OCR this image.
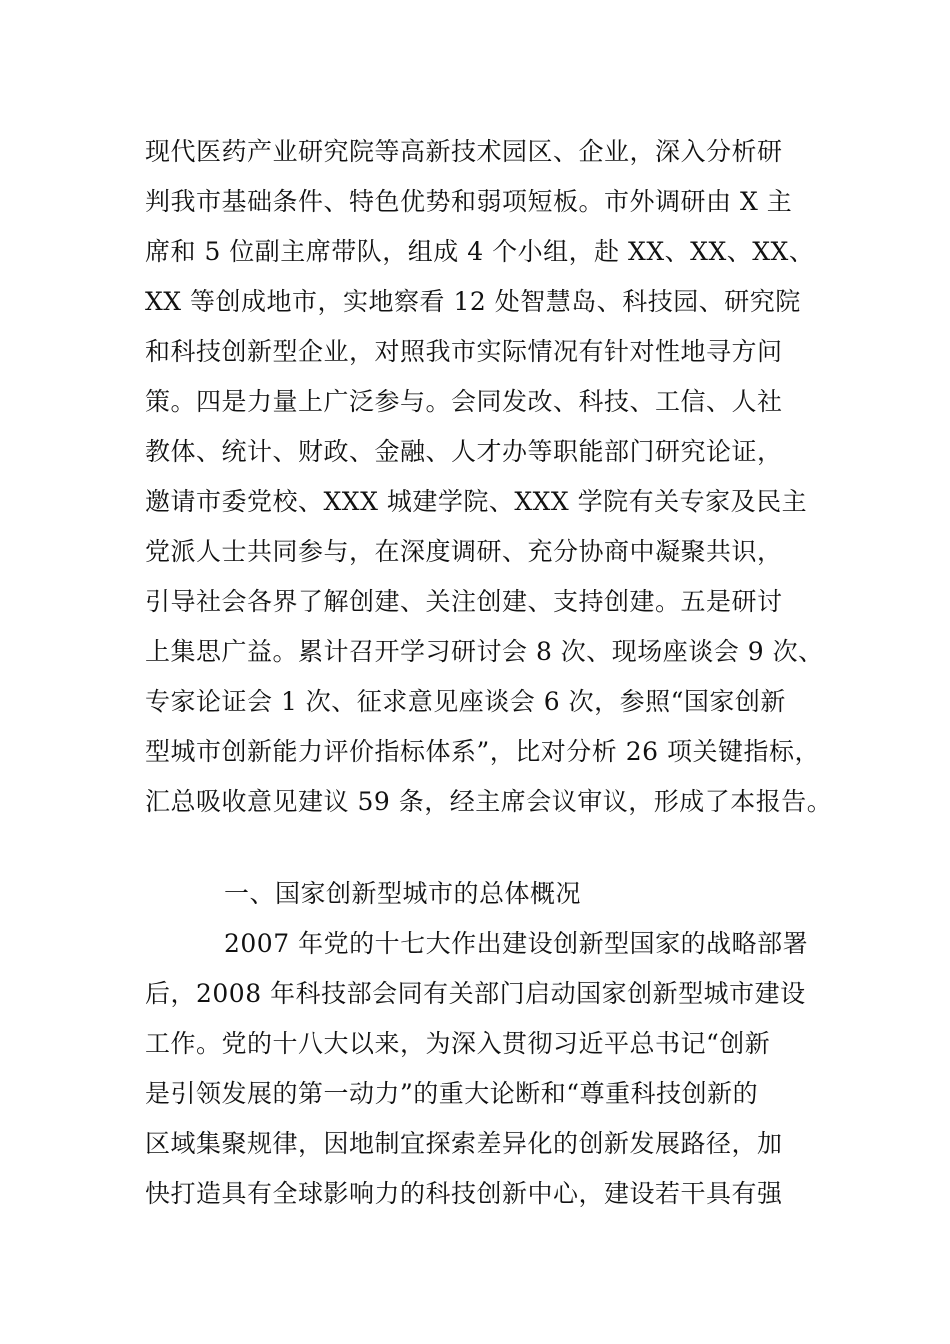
现代医药产业研究院等高新技术园区、企业，深入分析研
判我市基础条件、特色优势和弱项短板。市外调研由 X 主
席和 5 位副主席带队，组成 4 个小组，赴 XX、XX、XX、
XX 等创成地市，实地察看 12 处智慧岛、科技园、研究院
和科技创新型企业，对照我市实际情况有针对性地寻方问
策。四是力量上广泛参与。会同发改、科技、工信、人社
教体、统计、财政、金融、人才办等职能部门研究论证，
邀请市委党校、XXX 城建学院、XXX 学院有关专家及民主
党派人士共同参与，在深度调研、充分协商中凝聚共识，
引导社会各界了解创建、关注创建、支持创建。五是研讨
上集思广益。累计召开学习研讨会 8 次、现场座谈会 9 次、
专家论证会 1 次、征求意见座谈会 6 次，参照“国家创新
型城市创新能力评价指标体系”，比对分析 26 项关键指标，
汇总吸收意见建议 59 条，经主席会议审议，形成了本报告。
一、国家创新型城市的总体概况
2007 年党的十七大作出建设创新型国家的战略部署
后，2008 年科技部会同有关部门启动国家创新型城市建设
工作。党的十八大以来，为深入贯彻习近平总书记“创新
是引领发展的第一动力”的重大论断和“尊重科技创新的
区域集聚规律，因地制宜探索差异化的创新发展路径，加
快打造具有全球影响力的科技创新中心，建设若干具有强
